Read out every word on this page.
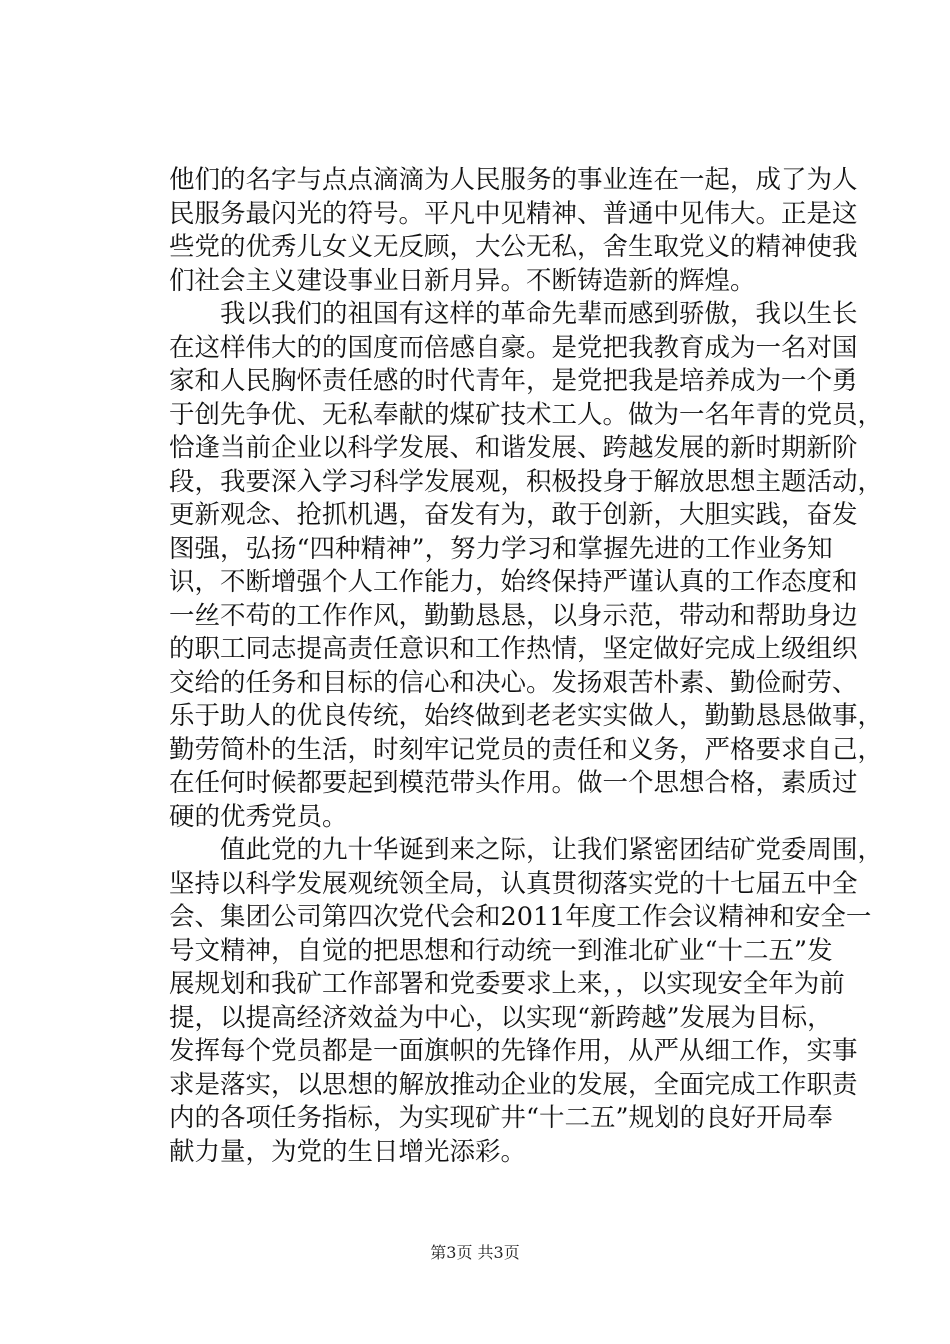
他们的名字与点点滴滴为人民服务的事业连在一起，成了为人
民服务最闪光的符号。平凡中见精神、普通中见伟大。正是这
些党的优秀儿女义无反顾，大公无私，舍生取党义的精神使我
们社会主义建设事业日新月异。不断铸造新的辉煌。
我以我们的祖国有这样的革命先辈而感到骄傲，我以生长
在这样伟大的的国度而倍感自豪。是党把我教育成为一名对国
家和人民胸怀责任感的时代青年，是党把我是培养成为一个勇
于创先争优、无私奉献的煤矿技术工人。做为一名年青的党员，
恰逢当前企业以科学发展、和谐发展、跨越发展的新时期新阶
段，我要深入学习科学发展观，积极投身于解放思想主题活动，
更新观念、抢抓机遇，奋发有为，敢于创新，大胆实践，奋发
图强，弘扬“四种精神”，努力学习和掌握先进的工作业务知
识，不断增强个人工作能力，始终保持严谨认真的工作态度和
一丝不苟的工作作风，勤勤恳恳，以身示范，带动和帮助身边
的职工同志提高责任意识和工作热情，坚定做好完成上级组织
交给的任务和目标的信心和决心。发扬艰苦朴素、勤俭耐劳、
乐于助人的优良传统，始终做到老老实实做人，勤勤恳恳做事，
勤劳简朴的生活，时刻牢记党员的责任和义务，严格要求自己，
在任何时候都要起到模范带头作用。做一个思想合格，素质过
硬的优秀党员。
值此党的九十华诞到来之际，让我们紧密团结矿党委周围，
坚持以科学发展观统领全局，认真贯彻落实党的十七届五中全
会、集团公司第四次党代会和2011年度工作会议精神和安全一
号文精神，自觉的把思想和行动统一到淮北矿业“十二五”发
展规划和我矿工作部署和党委要求上来，，以实现安全年为前
提，以提高经济效益为中心，以实现“新跨越”发展为目标，
发挥每个党员都是一面旗帜的先锋作用，从严从细工作，实事
求是落实，以思想的解放推动企业的发展，全面完成工作职责
内的各项任务指标，为实现矿井“十二五”规划的良好开局奉
献力量，为党的生日增光添彩。
第3页 共3页
